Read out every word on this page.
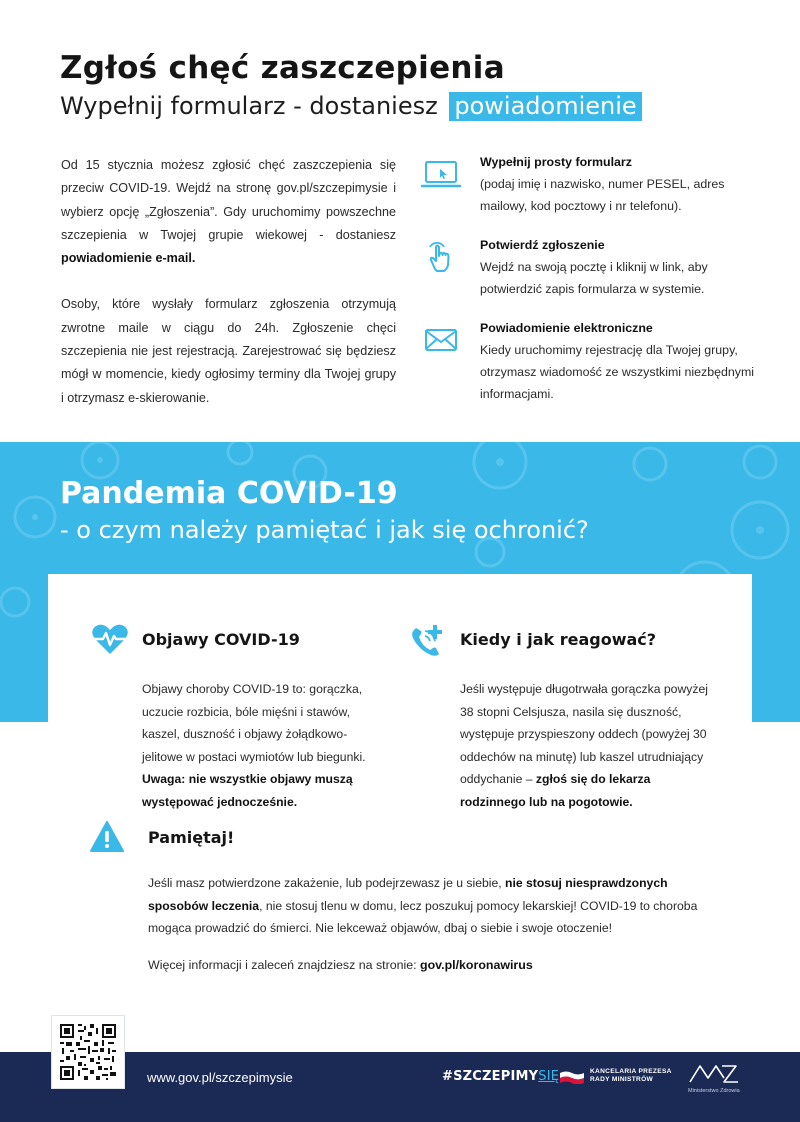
Zgłoś chęć zaszczepienia
Wypełnij formularz - dostaniesz powiadomienie

Od 15 stycznia możesz zgłosić chęć zaszczepienia się przeciw COVID-19. Wejdź na stronę gov.pl/szczepimysie i wybierz opcję „Zgłoszenia”. Gdy uruchomimy powszechne szczepienia w Twojej grupie wiekowej - dostaniesz powiadomienie e-mail.

Osoby, które wysłały formularz zgłoszenia otrzymują zwrotne maile w ciągu do 24h. Zgłoszenie chęci szczepienia nie jest rejestracją. Zarejestrować się będziesz mógł w momencie, kiedy ogłosimy terminy dla Twojej grupy i otrzymasz e-skierowanie.

Wypełnij prosty formularz
(podaj imię i nazwisko, numer PESEL, adres mailowy, kod pocztowy i nr telefonu).
Potwierdź zgłoszenie
Wejdź na swoją pocztę i kliknij w link, aby potwierdzić zapis formularza w systemie.
Powiadomienie elektroniczne
Kiedy uruchomimy rejestrację dla Twojej grupy, otrzymasz wiadomość ze wszystkimi niezbędnymi informacjami.
Pandemia COVID-19
- o czym należy pamiętać i jak się ochronić?
Objawy COVID-19
Objawy choroby COVID-19 to: gorączka, uczucie rozbicia, bóle mięśni i stawów, kaszel, duszność i objawy żołądkowo-jelitowe w postaci wymiotów lub biegunki.
Uwaga: nie wszystkie objawy muszą występować jednocześnie.
Kiedy i jak reagować?
Jeśli występuje długotrwała gorączka powyżej 38 stopni Celsjusza, nasila się duszność, występuje przyspieszony oddech (powyżej 30 oddechów na minutę) lub kaszel utrudniający oddychanie – zgłoś się do lekarza rodzinnego lub na pogotowie.
Pamiętaj!
Jeśli masz potwierdzone zakażenie, lub podejrzewasz je u siebie, nie stosuj niesprawdzonych sposobów leczenia, nie stosuj tlenu w domu, lecz poszukuj pomocy lekarskiej! COVID-19 to choroba mogąca prowadzić do śmierci. Nie lekceważ objawów, dbaj o siebie i swoje otoczenie!
Więcej informacji i zaleceń znajdziesz na stronie: gov.pl/koronawirus
www.gov.pl/szczepimysie	#SZCZEPIMYSIĘ	KANCELARIA PREZESA
RADY MINISTRÓW
Ministerstwo Zdrowia
